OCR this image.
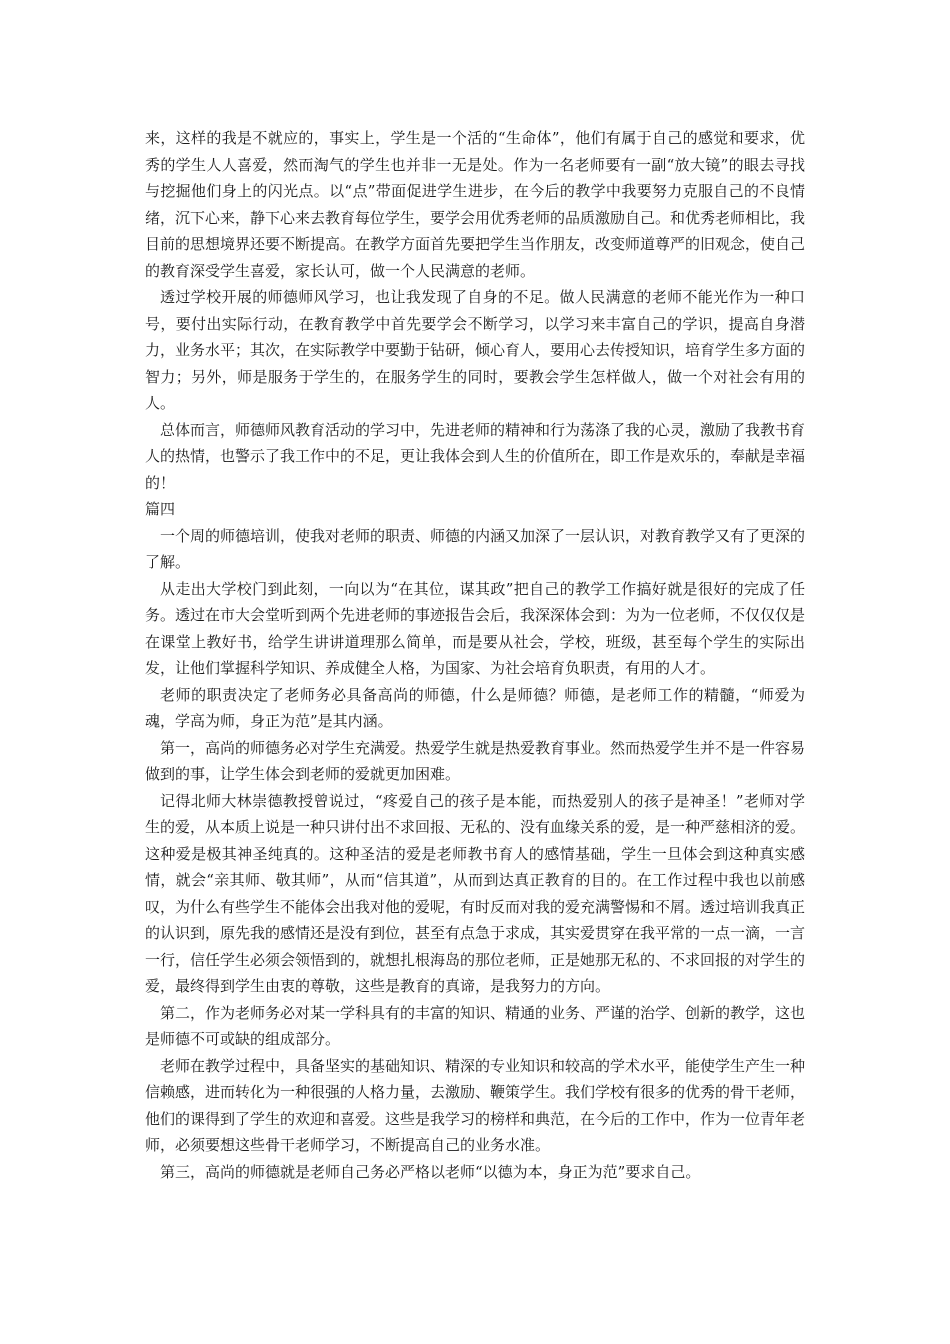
来，这样的我是不就应的，事实上，学生是一个活的“生命体”，他们有属于自己的感觉和要求，优秀的学生人人喜爱，然而淘气的学生也并非一无是处。作为一名老师要有一副“放大镜”的眼去寻找与挖掘他们身上的闪光点。以“点”带面促进学生进步，在今后的教学中我要努力克服自己的不良情绪，沉下心来，静下心来去教育每位学生，要学会用优秀老师的品质激励自己。和优秀老师相比，我目前的思想境界还要不断提高。在教学方面首先要把学生当作朋友，改变师道尊严的旧观念，使自己的教育深受学生喜爱，家长认可，做一个人民满意的老师。

透过学校开展的师德师风学习，也让我发现了自身的不足。做人民满意的老师不能光作为一种口号，要付出实际行动，在教育教学中首先要学会不断学习，以学习来丰富自己的学识，提高自身潜力，业务水平；其次，在实际教学中要勤于钻研，倾心育人，要用心去传授知识，培育学生多方面的智力；另外，师是服务于学生的，在服务学生的同时，要教会学生怎样做人，做一个对社会有用的人。

总体而言，师德师风教育活动的学习中，先进老师的精神和行为荡涤了我的心灵，激励了我教书育人的热情，也警示了我工作中的不足，更让我体会到人生的价值所在，即工作是欢乐的，奉献是幸福的！

篇四

一个周的师德培训，使我对老师的职责、师德的内涵又加深了一层认识，对教育教学又有了更深的了解。

从走出大学校门到此刻，一向以为“在其位，谋其政”把自己的教学工作搞好就是很好的完成了任务。透过在市大会堂听到两个先进老师的事迹报告会后，我深深体会到：为为一位老师，不仅仅仅是在课堂上教好书，给学生讲讲道理那么简单，而是要从社会，学校，班级，甚至每个学生的实际出发，让他们掌握科学知识、养成健全人格，为国家、为社会培育负职责，有用的人才。

老师的职责决定了老师务必具备高尚的师德，什么是师德？师德，是老师工作的精髓，“师爱为魂，学高为师，身正为范”是其内涵。

第一，高尚的师德务必对学生充满爱。热爱学生就是热爱教育事业。然而热爱学生并不是一件容易做到的事，让学生体会到老师的爱就更加困难。

记得北师大林崇德教授曾说过，“疼爱自己的孩子是本能，而热爱别人的孩子是神圣！”老师对学生的爱，从本质上说是一种只讲付出不求回报、无私的、没有血缘关系的爱，是一种严慈相济的爱。这种爱是极其神圣纯真的。这种圣洁的爱是老师教书育人的感情基础，学生一旦体会到这种真实感情，就会“亲其师、敬其师”，从而“信其道”，从而到达真正教育的目的。在工作过程中我也以前感叹，为什么有些学生不能体会出我对他的爱呢，有时反而对我的爱充满警惕和不屑。透过培训我真正的认识到，原先我的感情还是没有到位，甚至有点急于求成，其实爱贯穿在我平常的一点一滴，一言一行，信任学生必须会领悟到的，就想扎根海岛的那位老师，正是她那无私的、不求回报的对学生的爱，最终得到学生由衷的尊敬，这些是教育的真谛，是我努力的方向。

第二，作为老师务必对某一学科具有的丰富的知识、精通的业务、严谨的治学、创新的教学，这也是师德不可或缺的组成部分。

老师在教学过程中，具备坚实的基础知识、精深的专业知识和较高的学术水平，能使学生产生一种信赖感，进而转化为一种很强的人格力量，去激励、鞭策学生。我们学校有很多的优秀的骨干老师，他们的课得到了学生的欢迎和喜爱。这些是我学习的榜样和典范，在今后的工作中，作为一位青年老师，必须要想这些骨干老师学习，不断提高自己的业务水准。

第三，高尚的师德就是老师自己务必严格以老师“以德为本，身正为范”要求自己。
